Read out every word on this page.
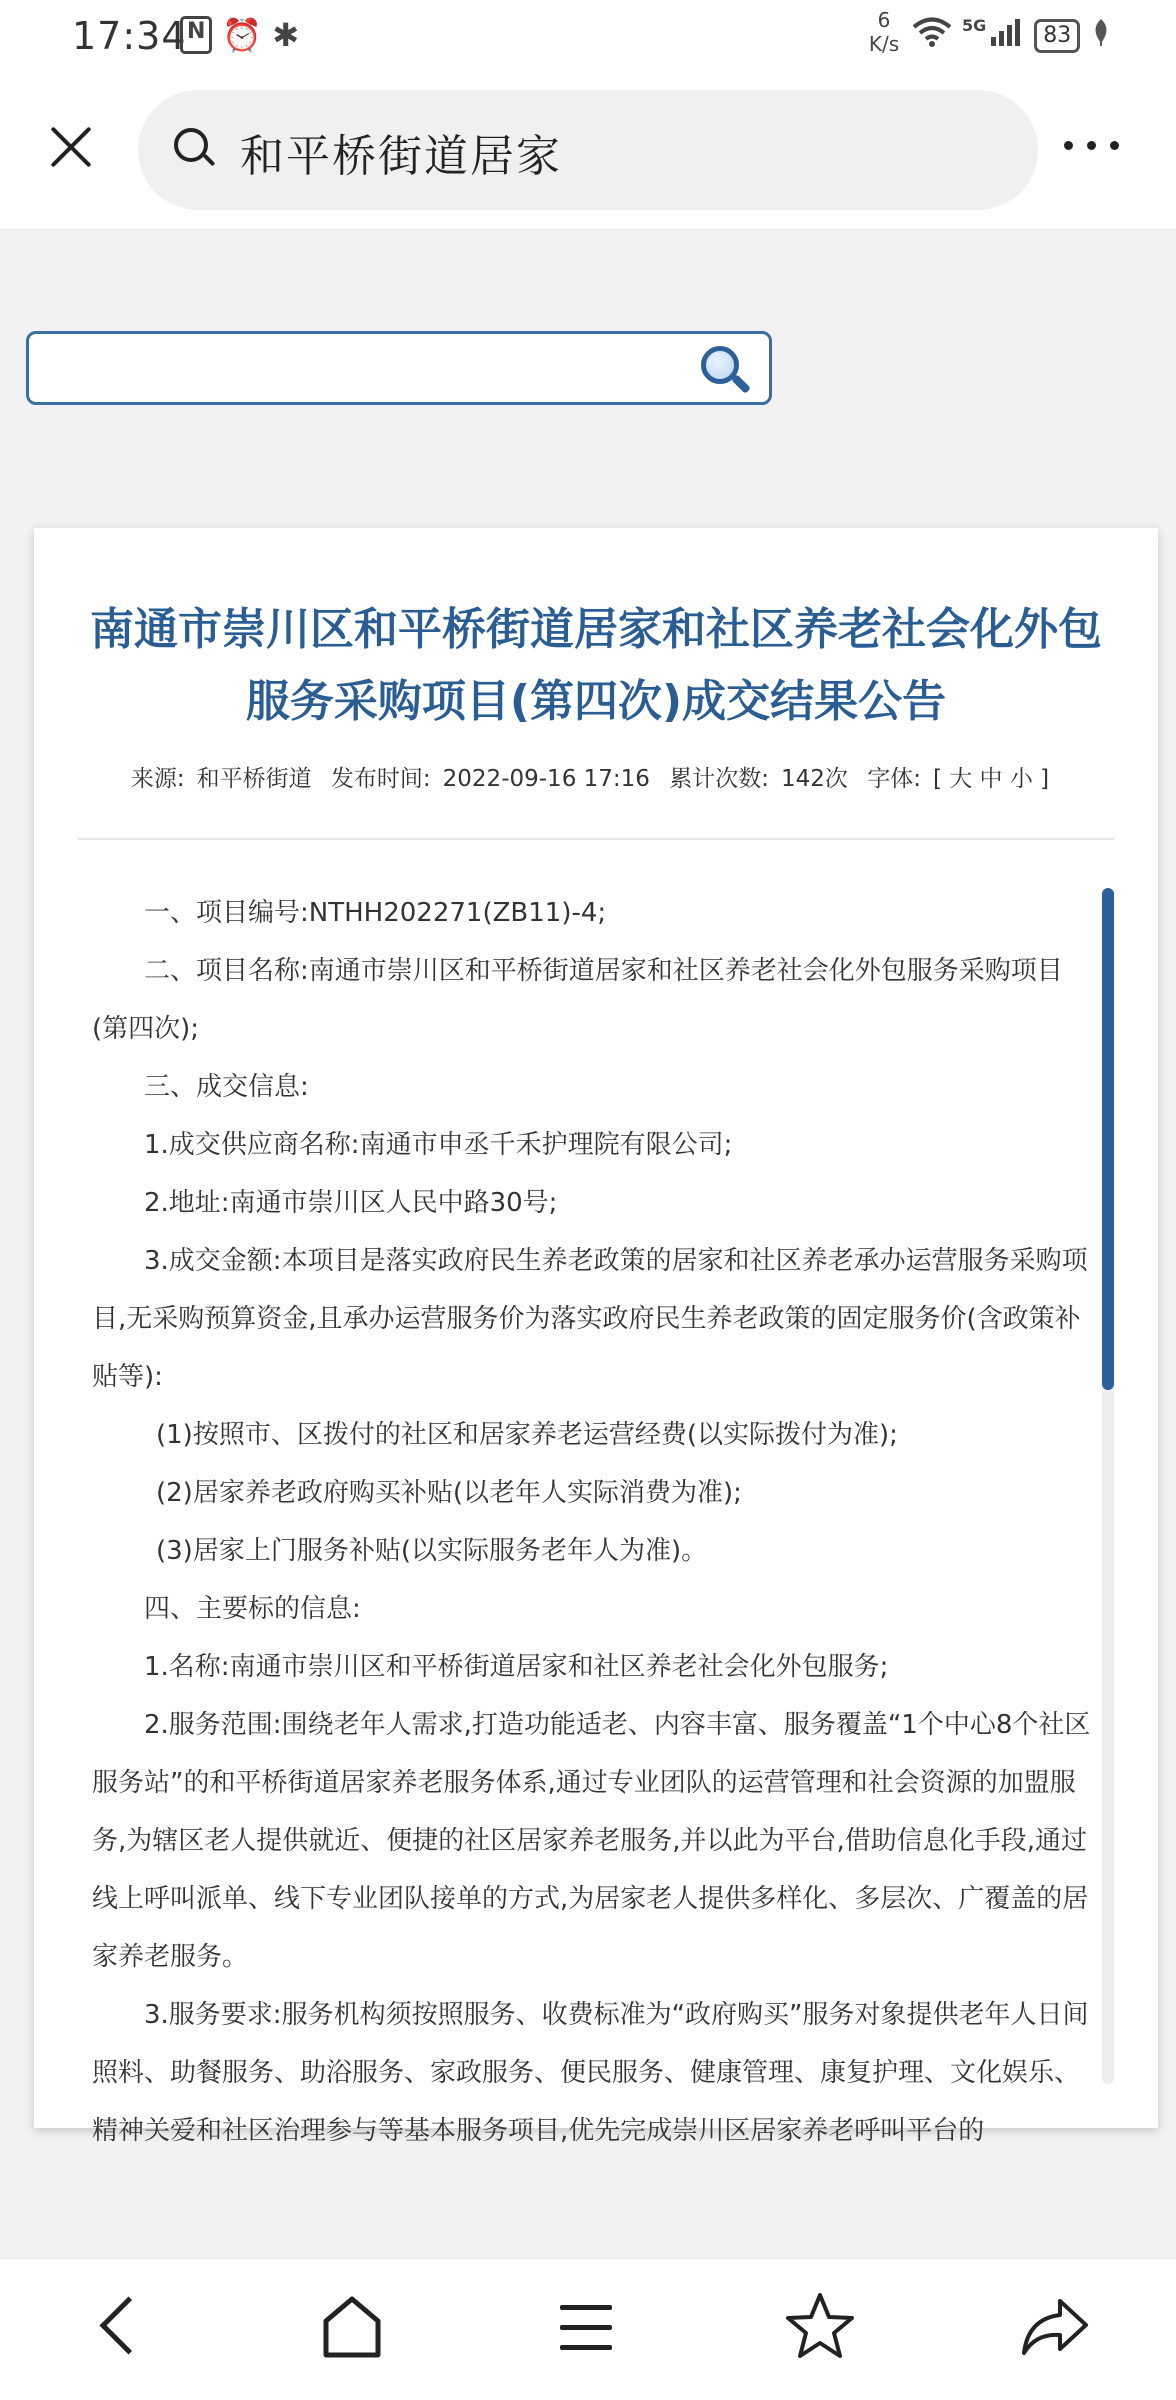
17:34 N ⏰ ✱	6
K/s
5G	83
和平桥街道居家
南通市崇川区和平桥街道居家和社区养老社会化外包服务采购项目(第四次)成交结果公告
来源: 和平桥街道 发布时间: 2022-09-16 17:16 累计次数: 142次 字体: [ 大 中 小 ]

一、项目编号:NTHH202271(ZB11)-4;

二、项目名称:南通市崇川区和平桥街道居家和社区养老社会化外包服务采购项目(第四次);

三、成交信息:

1.成交供应商名称:南通市申丞千禾护理院有限公司;

2.地址:南通市崇川区人民中路30号;

3.成交金额:本项目是落实政府民生养老政策的居家和社区养老承办运营服务采购项目,无采购预算资金,且承办运营服务价为落实政府民生养老政策的固定服务价(含政策补贴等):

(1)按照市、区拨付的社区和居家养老运营经费(以实际拨付为准);

(2)居家养老政府购买补贴(以老年人实际消费为准);

(3)居家上门服务补贴(以实际服务老年人为准)。

四、主要标的信息:

1.名称:南通市崇川区和平桥街道居家和社区养老社会化外包服务;

2.服务范围:围绕老年人需求,打造功能适老、内容丰富、服务覆盖“1个中心8个社区服务站”的和平桥街道居家养老服务体系,通过专业团队的运营管理和社会资源的加盟服务,为辖区老人提供就近、便捷的社区居家养老服务,并以此为平台,借助信息化手段,通过线上呼叫派单、线下专业团队接单的方式,为居家老人提供多样化、多层次、广覆盖的居家养老服务。

3.服务要求:服务机构须按照服务、收费标准为“政府购买”服务对象提供老年人日间照料、助餐服务、助浴服务、家政服务、便民服务、健康管理、康复护理、文化娱乐、精神关爱和社区治理参与等基本服务项目,优先完成崇川区居家养老呼叫平台的
